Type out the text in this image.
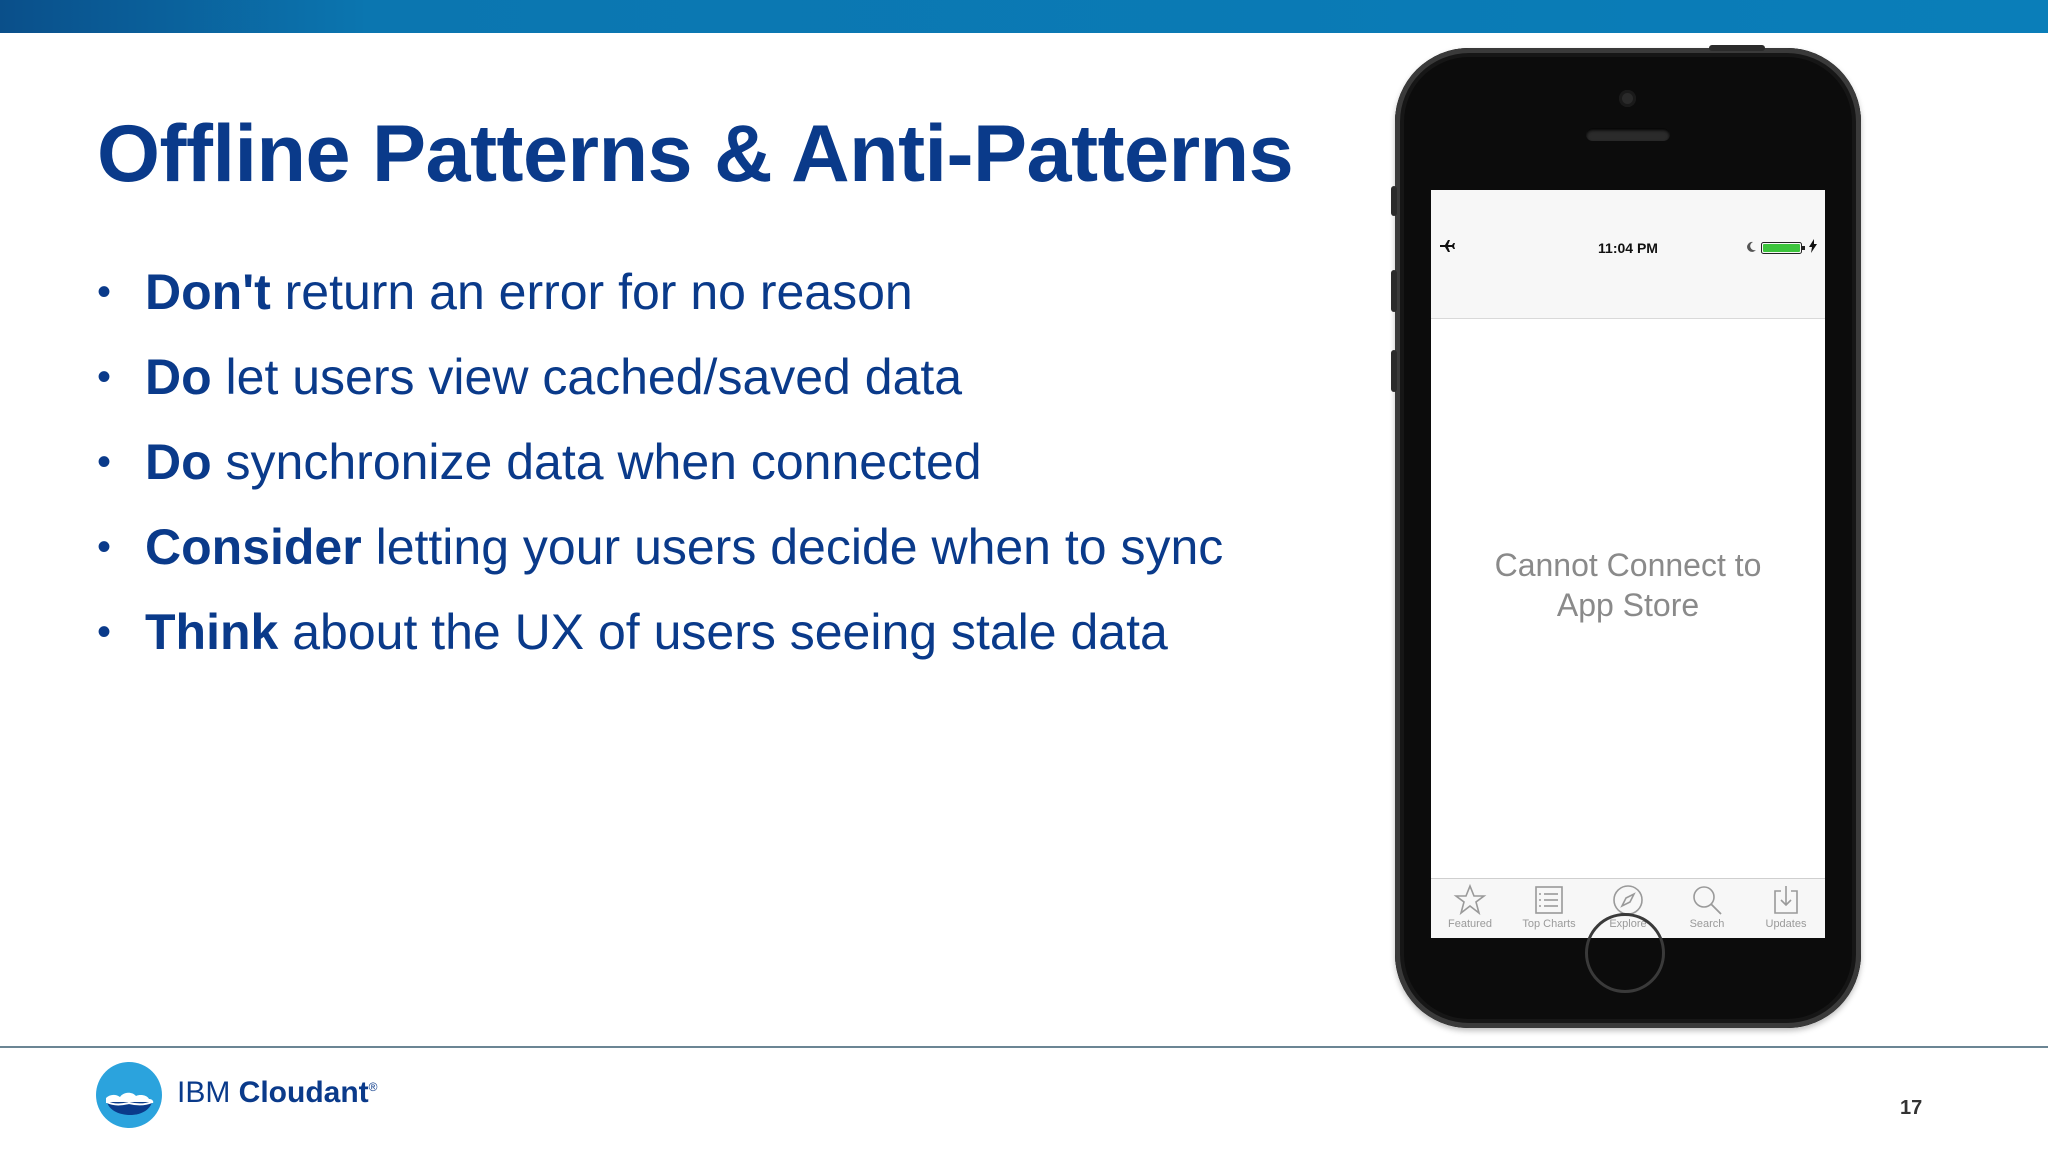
Offline Patterns & Anti-Patterns
• Don't return an error for no reason
• Do let users view cached/saved data
• Do synchronize data when connected
• Consider letting your users decide when to sync
• Think about the UX of users seeing stale data
11:04 PM
Cannot Connect to
App Store
Featured	Top Charts	Explore	Search	Updates
IBM Cloudant®
17
